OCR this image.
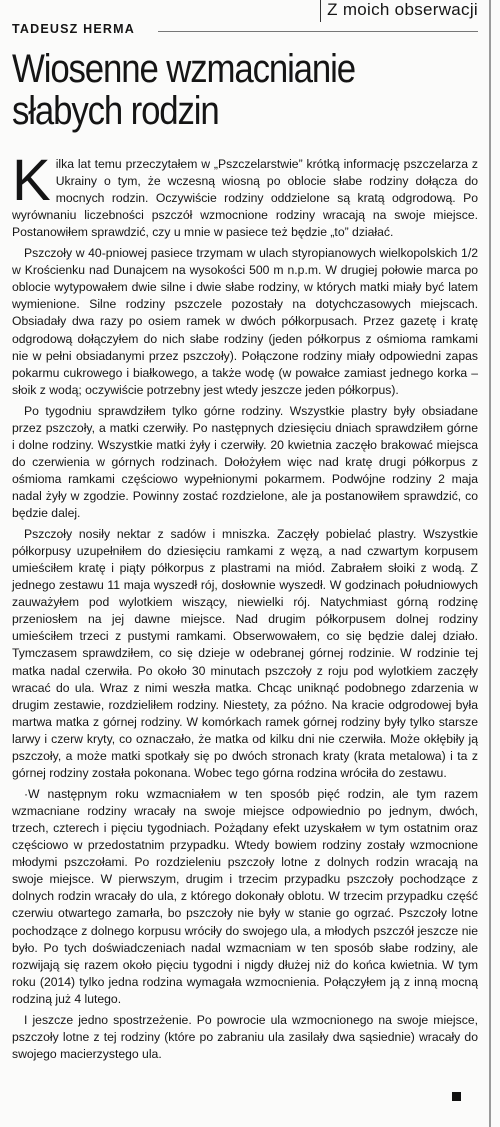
TADEUSZ HERMA
Z moich obserwacji
Wiosenne wzmacnianie
słabych rodzin

Kilka lat temu przeczytałem w „Pszczelarstwie” krótką informację pszczelarza z Ukrainy o tym, że wczesną wiosną po oblocie słabe rodziny dołącza do mocnych rodzin. Oczywiście rodziny oddzielone są kratą odgrodową. Po wyrównaniu liczebności pszczół wzmocnione rodziny wracają na swoje miejsce. Postanowiłem sprawdzić, czy u mnie w pasiece też będzie „to” działać.

Pszczoły w 40-pniowej pasiece trzymam w ulach styropianowych wielkopolskich 1/2 w Krościenku nad Dunajcem na wysokości 500 m n.p.m. W drugiej połowie marca po oblocie wytypowałem dwie silne i dwie słabe rodziny, w których matki miały być latem wymienione. Silne rodziny pszczele pozostały na dotychczasowych miejscach. Obsiadały dwa razy po osiem ramek w dwóch półkorpusach. Przez gazetę i kratę odgrodową dołączyłem do nich słabe rodziny (jeden półkorpus z ośmioma ramkami nie w pełni obsiadanymi przez pszczoły). Połączone rodziny miały odpowiedni zapas pokarmu cukrowego i białkowego, a także wodę (w powałce zamiast jednego korka – słoik z wodą; oczywiście potrzebny jest wtedy jeszcze jeden półkorpus).

Po tygodniu sprawdziłem tylko górne rodziny. Wszystkie plastry były obsiadane przez pszczoły, a matki czerwiły. Po następnych dziesięciu dniach sprawdziłem górne i dolne rodziny. Wszystkie matki żyły i czerwiły. 20 kwietnia zaczęło brakować miejsca do czerwienia w górnych rodzinach. Dołożyłem więc nad kratę drugi półkorpus z ośmioma ramkami częściowo wypełnionymi pokarmem. Podwójne rodziny 2 maja nadal żyły w zgodzie. Powinny zostać rozdzielone, ale ja postanowiłem sprawdzić, co będzie dalej.

Pszczoły nosiły nektar z sadów i mniszka. Zaczęły pobielać plastry. Wszystkie półkorpusy uzupełniłem do dziesięciu ramkami z węzą, a nad czwartym korpusem umieściłem kratę i piąty półkorpus z plastrami na miód. Zabrałem słoiki z wodą. Z jednego zestawu 11 maja wyszedł rój, dosłownie wyszedł. W godzinach południowych zauważyłem pod wylotkiem wiszący, niewielki rój. Natychmiast górną rodzinę przeniosłem na jej dawne miejsce. Nad drugim półkorpusem dolnej rodziny umieściłem trzeci z pustymi ramkami. Obserwowałem, co się będzie dalej działo. Tymczasem sprawdziłem, co się dzieje w odebranej górnej rodzinie. W rodzinie tej matka nadal czerwiła. Po około 30 minutach pszczoły z roju pod wylotkiem zaczęły wracać do ula. Wraz z nimi weszła matka. Chcąc uniknąć podobnego zdarzenia w drugim zestawie, rozdzieliłem rodziny. Niestety, za późno. Na kracie odgrodowej była martwa matka z górnej rodziny. W komórkach ramek górnej rodziny były tylko starsze larwy i czerw kryty, co oznaczało, że matka od kilku dni nie czerwiła. Może okłębiły ją pszczoły, a może matki spotkały się po dwóch stronach kraty (krata metalowa) i ta z górnej rodziny została pokonana. Wobec tego górna rodzina wróciła do zestawu.

·W następnym roku wzmacniałem w ten sposób pięć rodzin, ale tym razem wzmacniane rodziny wracały na swoje miejsce odpowiednio po jednym, dwóch, trzech, czterech i pięciu tygodniach. Pożądany efekt uzyskałem w tym ostatnim oraz częściowo w przedostatnim przypadku. Wtedy bowiem rodziny zostały wzmocnione młodymi pszczołami. Po rozdzieleniu pszczoły lotne z dolnych rodzin wracają na swoje miejsce. W pierwszym, drugim i trzecim przypadku pszczoły pochodzące z dolnych rodzin wracały do ula, z którego dokonały oblotu. W trzecim przypadku część czerwiu otwartego zamarła, bo pszczoły nie były w stanie go ogrzać. Pszczoły lotne pochodzące z dolnego korpusu wróciły do swojego ula, a młodych pszczół jeszcze nie było. Po tych doświadczeniach nadal wzmacniam w ten sposób słabe rodziny, ale rozwijają się razem około pięciu tygodni i nigdy dłużej niż do końca kwietnia. W tym roku (2014) tylko jedna rodzina wymagała wzmocnienia. Połączyłem ją z inną mocną rodziną już 4 lutego.

I jeszcze jedno spostrzeżenie. Po powrocie ula wzmocnionego na swoje miejsce, pszczoły lotne z tej rodziny (które po zabraniu ula zasilały dwa sąsiednie) wracały do swojego macierzystego ula.
